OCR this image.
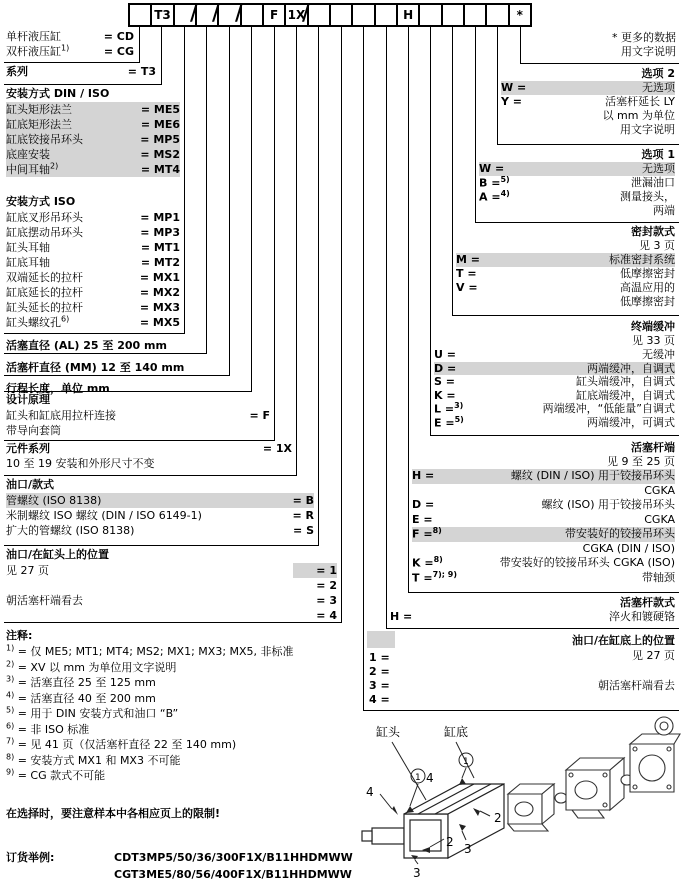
T3	F 1X	H	*
/ / /	/
单杆液压缸	= CD
双杆液压缸$^{1)}$	= CG
系列	= T3
安装方式 DIN / ISO
缸头矩形法兰	= ME5
缸底矩形法兰	= ME6
缸底铰接吊环头	= MP5
底座安装	= MS2
中间耳轴$^{2)}$	= MT4
安装方式 ISO
缸底叉形吊环头	= MP1
缸底摆动吊环头	= MP3
缸头耳轴	= MT1
缸底耳轴	= MT2
双端延长的拉杆	= MX1
缸底延长的拉杆	= MX2
缸头延长的拉杆	= MX3
缸头螺纹孔$^{6)}$	= MX5
活塞直径 (AL) 25 至 200 mm
活塞杆直径 (MM) 12 至 140 mm
行程长度，单位 mm
设计原理
缸头和缸底用拉杆连接	= F
带导向套筒
元件系列	= 1X
10 至 19 安装和外形尺寸不变
油口/款式
管螺纹 (ISO 8138)	= B
米制螺纹 ISO 螺纹 (DIN / ISO 6149-1)	= R
扩大的管螺纹 (ISO 8138)	= S
油口/在缸头上的位置
见 27 页	= 1
= 2
朝活塞杆端看去	= 3
= 4
* 更多的数据
用文字说明
选项 2
W =	无选项
Y =	活塞杆延长 LY
以 mm 为单位
用文字说明
选项 1
W =	无选项
B =$^{5)}$	泄漏油口
A =$^{4)}$	测量接头，
两端
密封款式
见 3 页
M =	标准密封系统
T =	低摩擦密封
V =	高温应用的
低摩擦密封
终端缓冲
见 33 页
U =	无缓冲
D =	两端缓冲，自调式
S =	缸头端缓冲，自调式
K =	缸底端缓冲，自调式
L =$^{3)}$	两端缓冲，“低能量”自调式
E =$^{5)}$	两端缓冲，可调式
活塞杆端
见 9 至 25 页
H =	螺纹 (DIN / ISO) 用于铰接吊环头
CGKA
D =	螺纹 (ISO) 用于铰接吊环头
E =	CGKA
F =$^{8)}$	带安装好的铰接吊环头
CGKA (DIN / ISO)
K =$^{8)}$	带安装好的铰接吊环头 CGKA (ISO)
T =$^{7); 9)}$	带轴颈
活塞杆款式
H =	淬火和镀硬铬
油口/在缸底上的位置
见 27 页
1 =
2 =
3 =
4 =
朝活塞杆端看去
注释:
$^{1)}$ = 仅 ME5; MT1; MT4; MS2; MX1; MX3; MX5, 非标准
$^{2)}$ = XV 以 mm 为单位用文字说明
$^{3)}$ = 活塞直径 25 至 125 mm
$^{4)}$ = 活塞直径 40 至 200 mm
$^{5)}$ = 用于 DIN 安装方式和油口 “B”
$^{6)}$ = 非 ISO 标准
$^{7)}$ = 见 41 页（仅活塞杆直径 22 至 140 mm)
$^{8)}$ = 安装方式 MX1 和 MX3 不可能
$^{9)}$ = CG 款式不可能
在选择时，要注意样本中各相应页上的限制!
订货举例:	CDT3MP5/50/36/300F1X/B11HHDMWW
CGT3ME5/80/56/400F1X/B11HHDMWW
缸头	缸底
1
1
4
4
2
2 3
3
